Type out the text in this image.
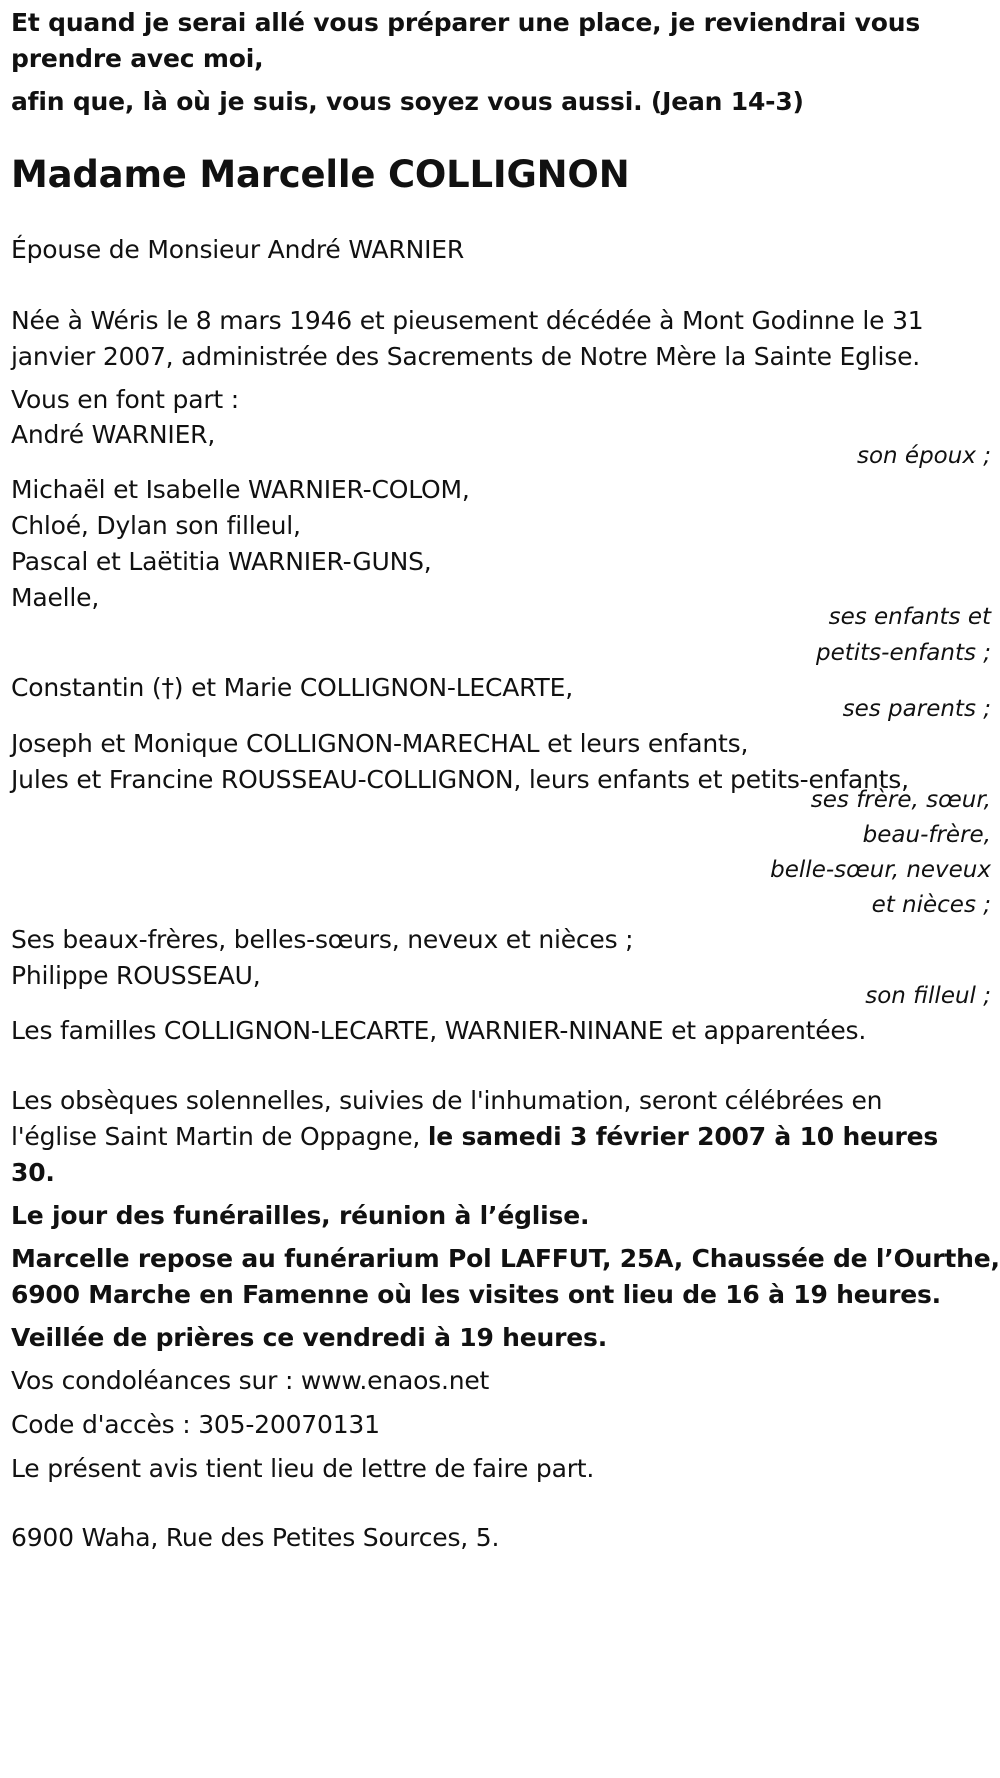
Et quand je serai allé vous préparer une place, je reviendrai vous
prendre avec moi,
afin que, là où je suis, vous soyez vous aussi. (Jean 14-3)
Madame Marcelle COLLIGNON
Épouse de Monsieur André WARNIER
Née à Wéris le 8 mars 1946 et pieusement décédée à Mont Godinne le 31
janvier 2007, administrée des Sacrements de Notre Mère la Sainte Eglise.
Vous en font part :
André WARNIER,
son époux ;
Michaël et Isabelle WARNIER-COLOM,
Chloé, Dylan son filleul,
Pascal et Laëtitia WARNIER-GUNS,
Maelle,
ses enfants et
petits-enfants ;
Constantin (†) et Marie COLLIGNON-LECARTE,
ses parents ;
Joseph et Monique COLLIGNON-MARECHAL et leurs enfants,
Jules et Francine ROUSSEAU-COLLIGNON, leurs enfants et petits-enfants,
ses frère, sœur,
beau-frère,
belle-sœur, neveux
et nièces ;
Ses beaux-frères, belles-sœurs, neveux et nièces ;
Philippe ROUSSEAU,
son filleul ;
Les familles COLLIGNON-LECARTE, WARNIER-NINANE et apparentées.
Les obsèques solennelles, suivies de l'inhumation, seront célébrées en
l'église Saint Martin de Oppagne, le samedi 3 février 2007 à 10 heures
30.
Le jour des funérailles, réunion à l’église.
Marcelle repose au funérarium Pol LAFFUT, 25A, Chaussée de l’Ourthe,
6900 Marche en Famenne où les visites ont lieu de 16 à 19 heures.
Veillée de prières ce vendredi à 19 heures.
Vos condoléances sur : www.enaos.net
Code d'accès : 305-20070131
Le présent avis tient lieu de lettre de faire part.
6900 Waha, Rue des Petites Sources, 5.
